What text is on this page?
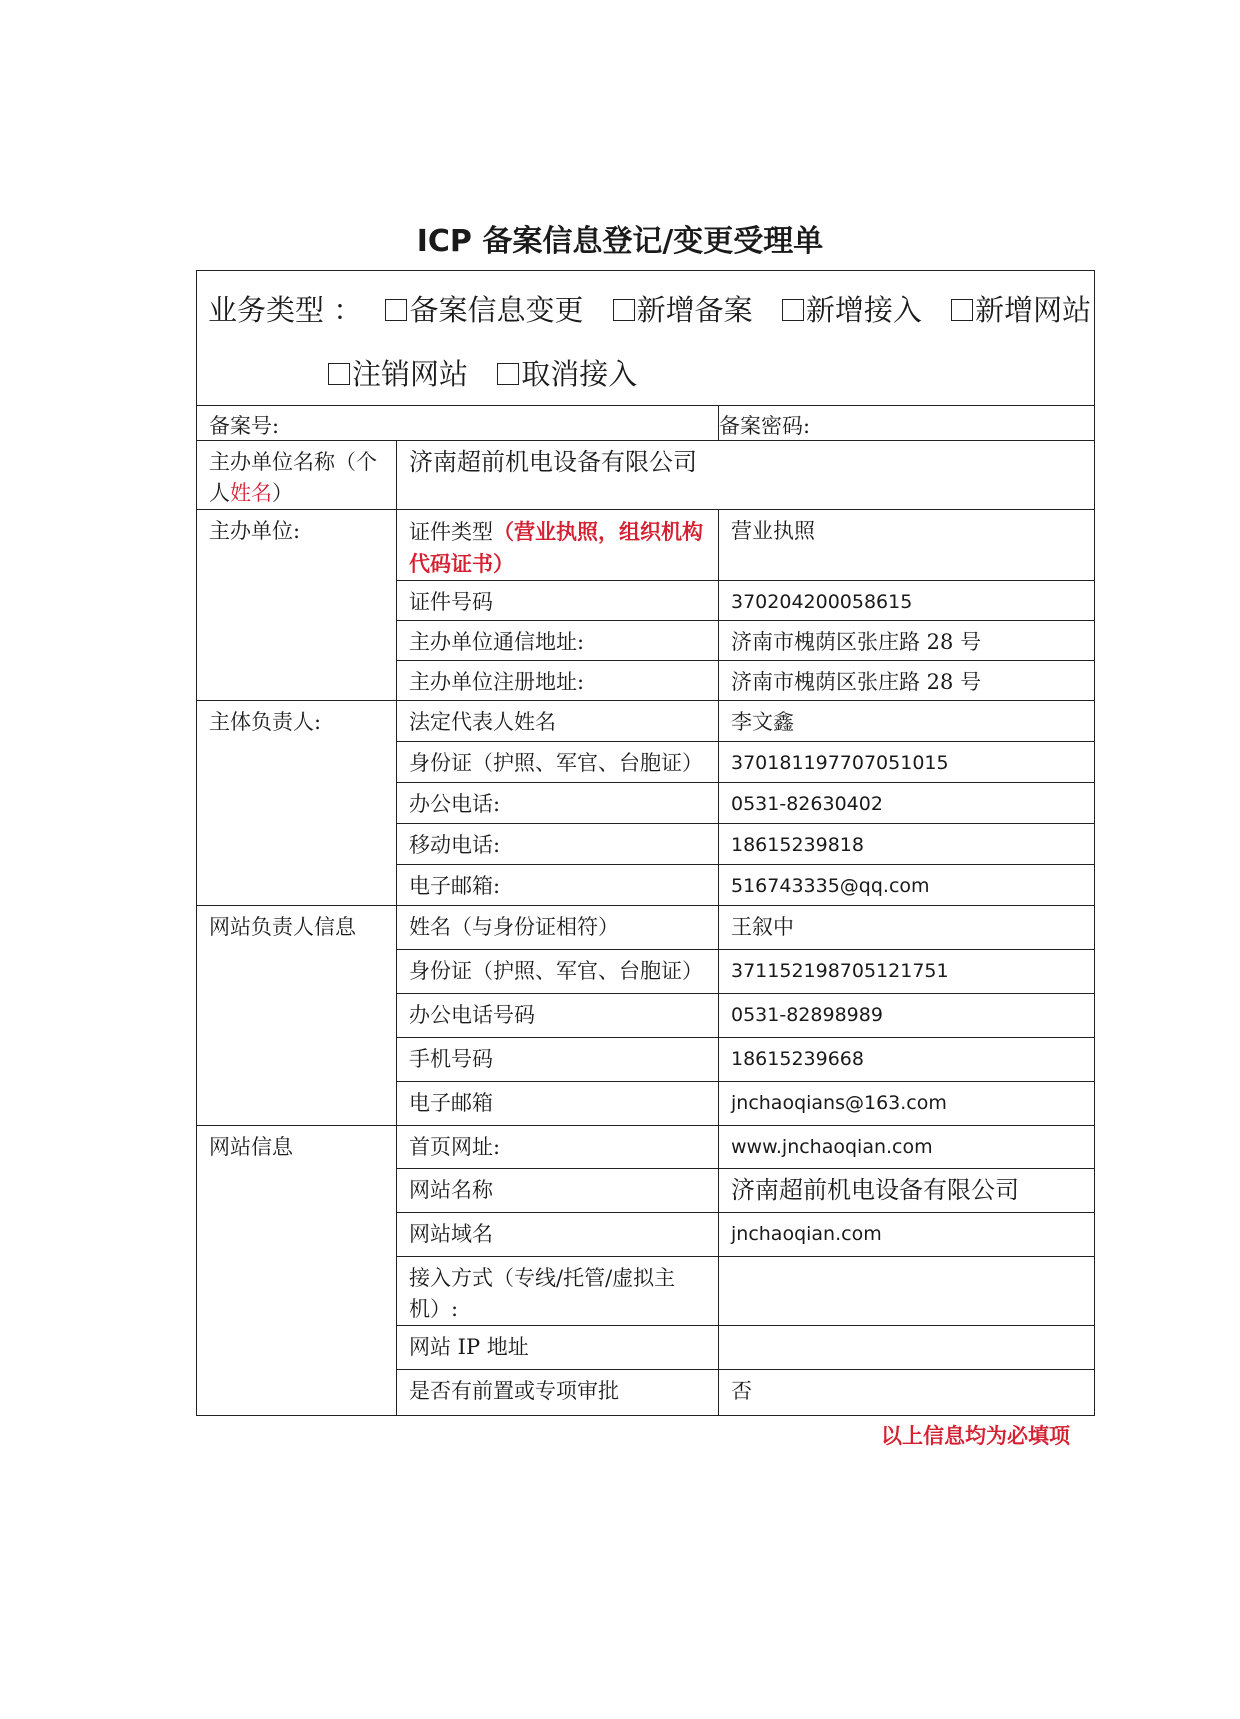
ICP 备案信息登记/变更受理单

备案号:		备案密码:
主办单位名称（个人姓名）	济南超前机电设备有限公司	
主办单位:	证件类型（营业执照，组织机构代码证书）	营业执照
	证件号码	370204200058615
	主办单位通信地址:	济南市槐荫区张庄路 28 号
	主办单位注册地址:	济南市槐荫区张庄路 28 号
主体负责人:	法定代表人姓名	李文鑫
	身份证（护照、军官、台胞证）	370181197707051015
	办公电话:	0531-82630402
	移动电话:	18615239818
	电子邮箱:	516743335@qq.com
网站负责人信息	姓名（与身份证相符）	王叙中
	身份证（护照、军官、台胞证）	371152198705121751
	办公电话号码	0531-82898989
	手机号码	18615239668
	电子邮箱	jnchaoqians@163.com
网站信息	首页网址:	www.jnchaoqian.com
	网站名称	济南超前机电设备有限公司
	网站域名	jnchaoqian.com
	接入方式（专线/托管/虚拟主机）:	
	网站 IP 地址	
	是否有前置或专项审批	否
业务类型 ： 备案信息变更 新增备案 新增接入 新增网站
注销网站 取消接入
以上信息均为必填项
